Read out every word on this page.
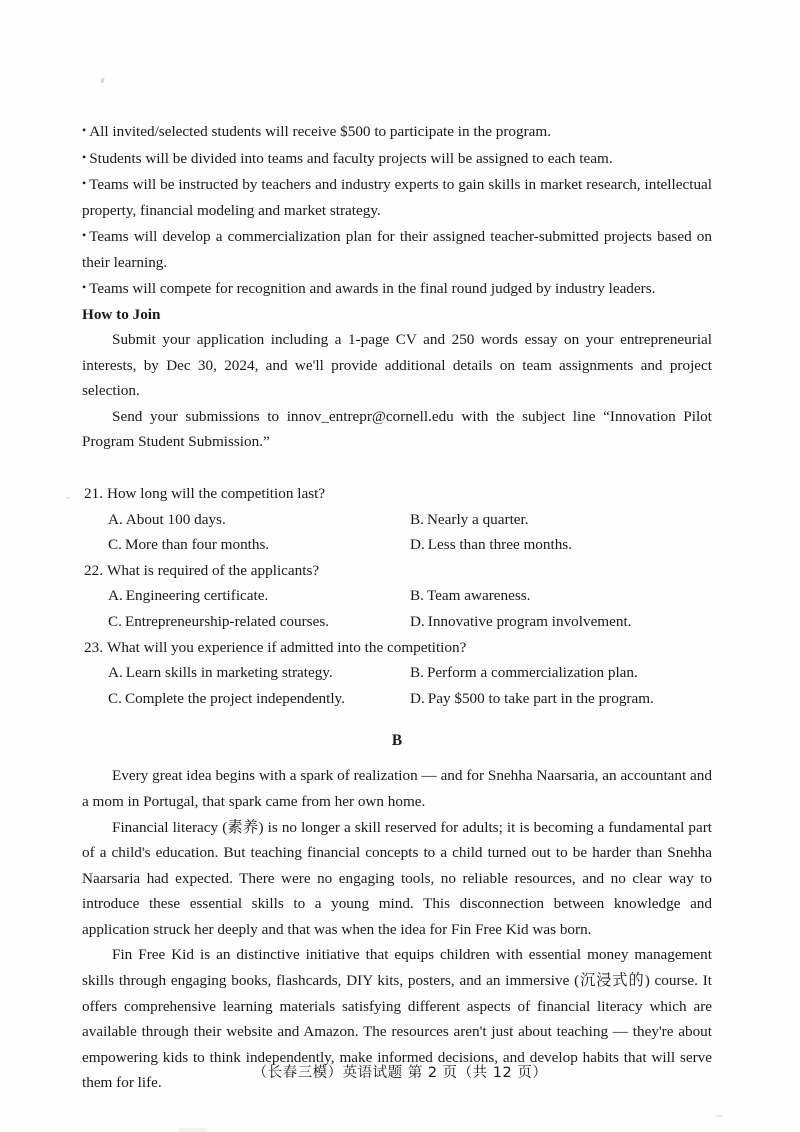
• All invited/selected students will receive $500 to participate in the program.

• Students will be divided into teams and faculty projects will be assigned to each team.

• Teams will be instructed by teachers and industry experts to gain skills in market research, intellectual property, financial modeling and market strategy.

• Teams will develop a commercialization plan for their assigned teacher-submitted projects based on their learning.

• Teams will compete for recognition and awards in the final round judged by industry leaders.

How to Join

Submit your application including a 1-page CV and 250 words essay on your entrepreneurial interests, by Dec 30, 2024, and we'll provide additional details on team assignments and project selection.

Send your submissions to innov_entrepr@cornell.edu with the subject line “Innovation Pilot Program Student Submission.”

21. How long will the competition last?

A. About 100 days.	B. Nearly a quarter.
C. More than four months.	D. Less than three months.

22. What is required of the applicants?

A. Engineering certificate.	B. Team awareness.
C. Entrepreneurship-related courses.	D. Innovative program involvement.

23. What will you experience if admitted into the competition?

A. Learn skills in marketing strategy.	B. Perform a commercialization plan.
C. Complete the project independently.	D. Pay $500 to take part in the program.

B

Every great idea begins with a spark of realization — and for Snehha Naarsaria, an accountant and a mom in Portugal, that spark came from her own home.

Financial literacy (素养) is no longer a skill reserved for adults; it is becoming a fundamental part of a child's education. But teaching financial concepts to a child turned out to be harder than Snehha Naarsaria had expected. There were no engaging tools, no reliable resources, and no clear way to introduce these essential skills to a young mind. This disconnection between knowledge and application struck her deeply and that was when the idea for Fin Free Kid was born.

Fin Free Kid is an distinctive initiative that equips children with essential money management skills through engaging books, flashcards, DIY kits, posters, and an immersive (沉浸式的) course. It offers comprehensive learning materials satisfying different aspects of financial literacy which are available through their website and Amazon. The resources aren't just about teaching — they're about empowering kids to think independently, make informed decisions, and develop habits that will serve them for life.

（长春三模）英语试题 第 2 页（共 12 页）
